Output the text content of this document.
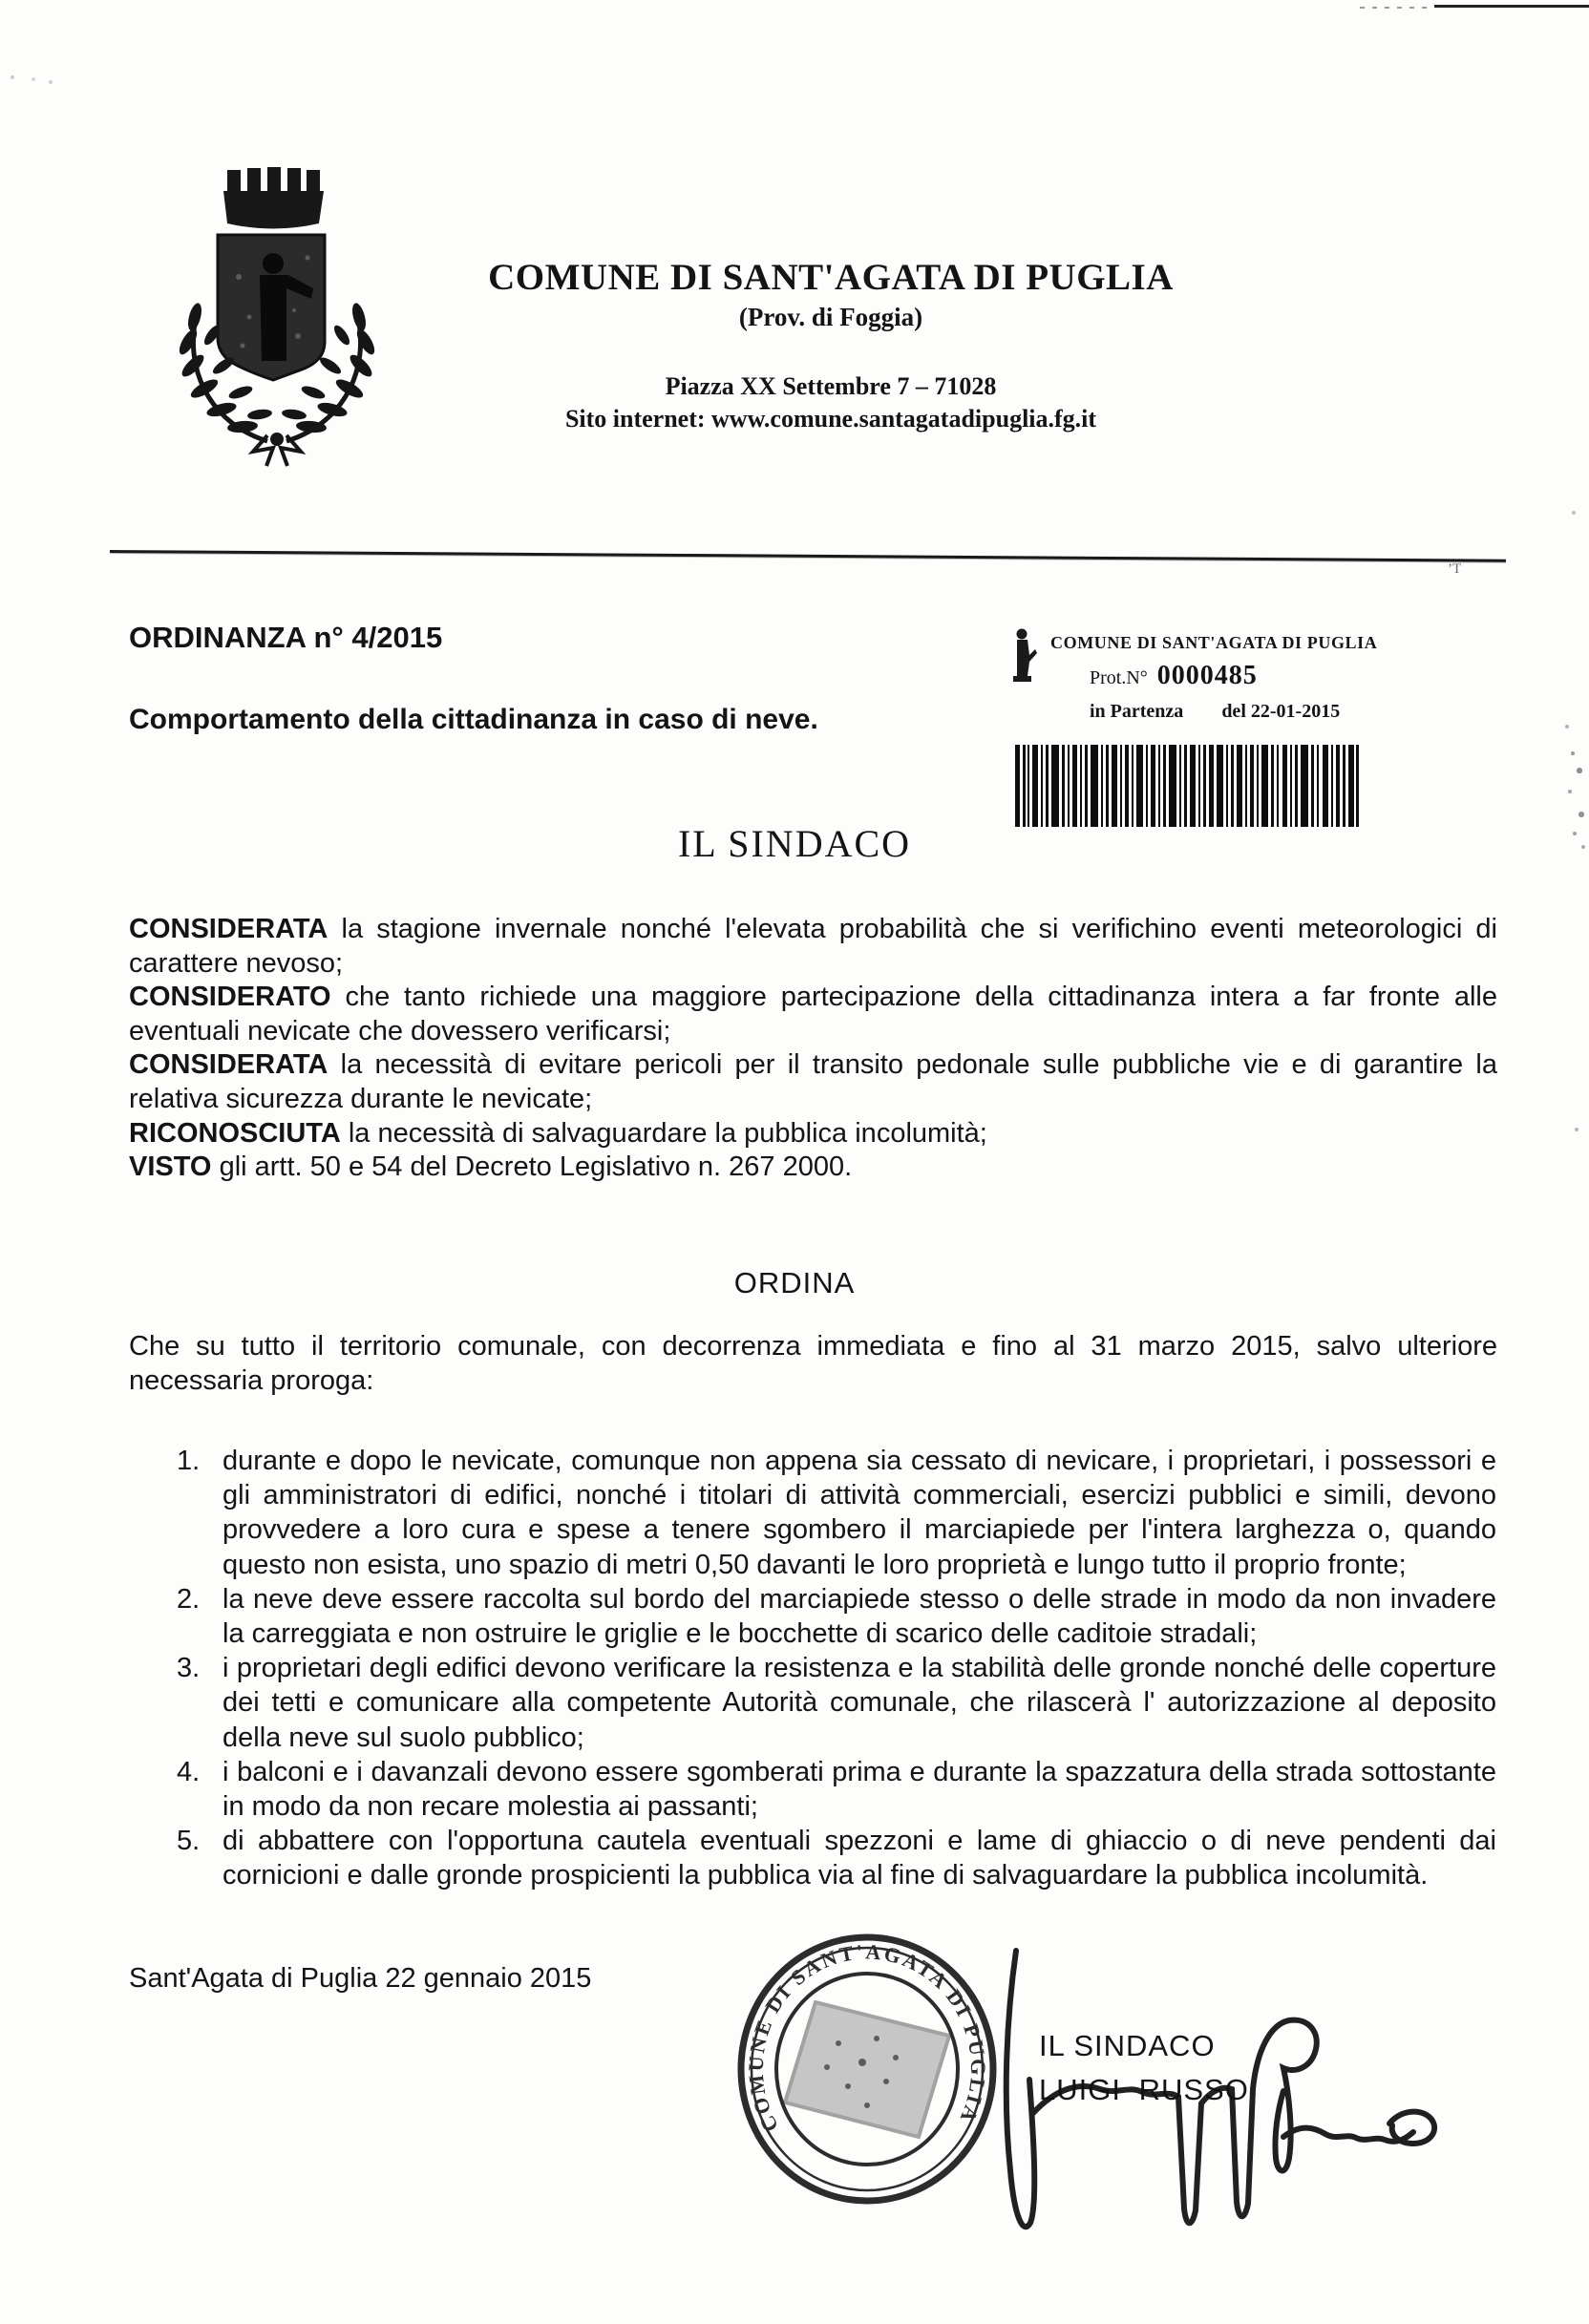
COMUNE DI SANT'AGATA DI PUGLIA
(Prov. di Foggia)
Piazza XX Settembre 7 – 71028
Sito internet: www.comune.santagatadipuglia.fg.it
’T
ORDINANZA n° 4/2015
Comportamento della cittadinanza in caso di neve.
COMUNE DI SANT'AGATA DI PUGLIA
Prot.N° 0000485
in Partenza del 22-01-2015
IL SINDACO

CONSIDERATA la stagione invernale nonché l'elevata probabilità che si verifichino eventi meteorologici di carattere nevoso;

CONSIDERATO che tanto richiede una maggiore partecipazione della cittadinanza intera a far fronte alle eventuali nevicate che dovessero verificarsi;

CONSIDERATA la necessità di evitare pericoli per il transito pedonale sulle pubbliche vie e di garantire la relativa sicurezza durante le nevicate;

RICONOSCIUTA la necessità di salvaguardare la pubblica incolumità;

VISTO gli artt. 50 e 54 del Decreto Legislativo n. 267 2000.

ORDINA

Che su tutto il territorio comunale, con decorrenza immediata e fino al 31 marzo 2015, salvo ulteriore necessaria proroga:

1. durante e dopo le nevicate, comunque non appena sia cessato di nevicare, i proprietari, i possessori e gli amministratori di edifici, nonché i titolari di attività commerciali, esercizi pubblici e simili, devono provvedere a loro cura e spese a tenere sgombero il marciapiede per l'intera larghezza o, quando questo non esista, uno spazio di metri 0,50 davanti le loro proprietà e lungo tutto il proprio fronte;
2. la neve deve essere raccolta sul bordo del marciapiede stesso o delle strade in modo da non invadere la carreggiata e non ostruire le griglie e le bocchette di scarico delle caditoie stradali;
3. i proprietari degli edifici devono verificare la resistenza e la stabilità delle gronde nonché delle coperture dei tetti e comunicare alla competente Autorità comunale, che rilascerà l' autorizzazione al deposito della neve sul suolo pubblico;
4. i balconi e i davanzali devono essere sgomberati prima e durante la spazzatura della strada sottostante in modo da non recare molestia ai passanti;
5. di abbattere con l'opportuna cautela eventuali spezzoni e lame di ghiaccio o di neve pendenti dai cornicioni e dalle gronde prospicienti la pubblica via al fine di salvaguardare la pubblica incolumità.
Sant'Agata di Puglia 22 gennaio 2015
COMUNE DI SANT'AGATA DI PUGLIA
IL SINDACO
LUIGI RUSSO
